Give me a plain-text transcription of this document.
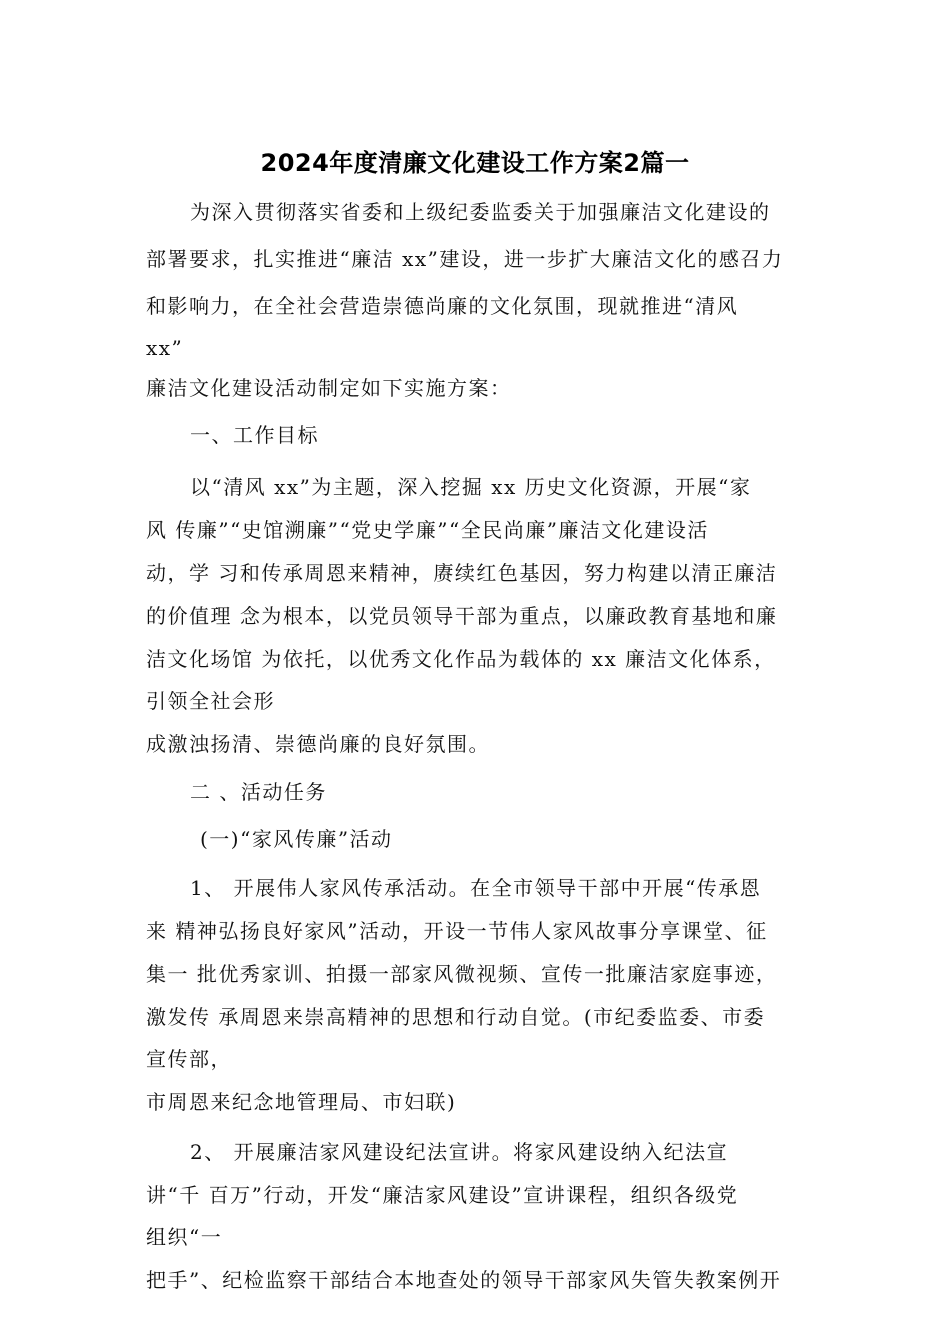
2024年度清廉文化建设工作方案2篇一
为深入贯彻落实省委和上级纪委监委关于加强廉洁文化建设的
部署要求，扎实推进“廉洁 xx”建设，进一步扩大廉洁文化的感召力
和影响力，在全社会营造崇德尚廉的文化氛围，现就推进“清风
xx”
廉洁文化建设活动制定如下实施方案：
一、工作目标
以“清风 xx”为主题，深入挖掘 xx 历史文化资源，开展“家
风 传廉”“史馆溯廉”“党史学廉”“全民尚廉”廉洁文化建设活
动，学 习和传承周恩来精神，赓续红色基因，努力构建以清正廉洁
的价值理 念为根本，以党员领导干部为重点，以廉政教育基地和廉
洁文化场馆 为依托，以优秀文化作品为载体的 xx 廉洁文化体系，
引领全社会形
成激浊扬清、崇德尚廉的良好氛围。
二 、活动任务
(一)“家风传廉”活动
1、 开展伟人家风传承活动。在全市领导干部中开展“传承恩
来 精神弘扬良好家风”活动，开设一节伟人家风故事分享课堂、征
集一 批优秀家训、拍摄一部家风微视频、宣传一批廉洁家庭事迹，
激发传 承周恩来崇高精神的思想和行动自觉。(市纪委监委、市委
宣传部，
市周恩来纪念地管理局、市妇联)
2、 开展廉洁家风建设纪法宣讲。将家风建设纳入纪法宣
讲“千 百万”行动，开发“廉洁家风建设”宣讲课程，组织各级党
组织“一
把手”、纪检监察干部结合本地查处的领导干部家风失管失教案例开
